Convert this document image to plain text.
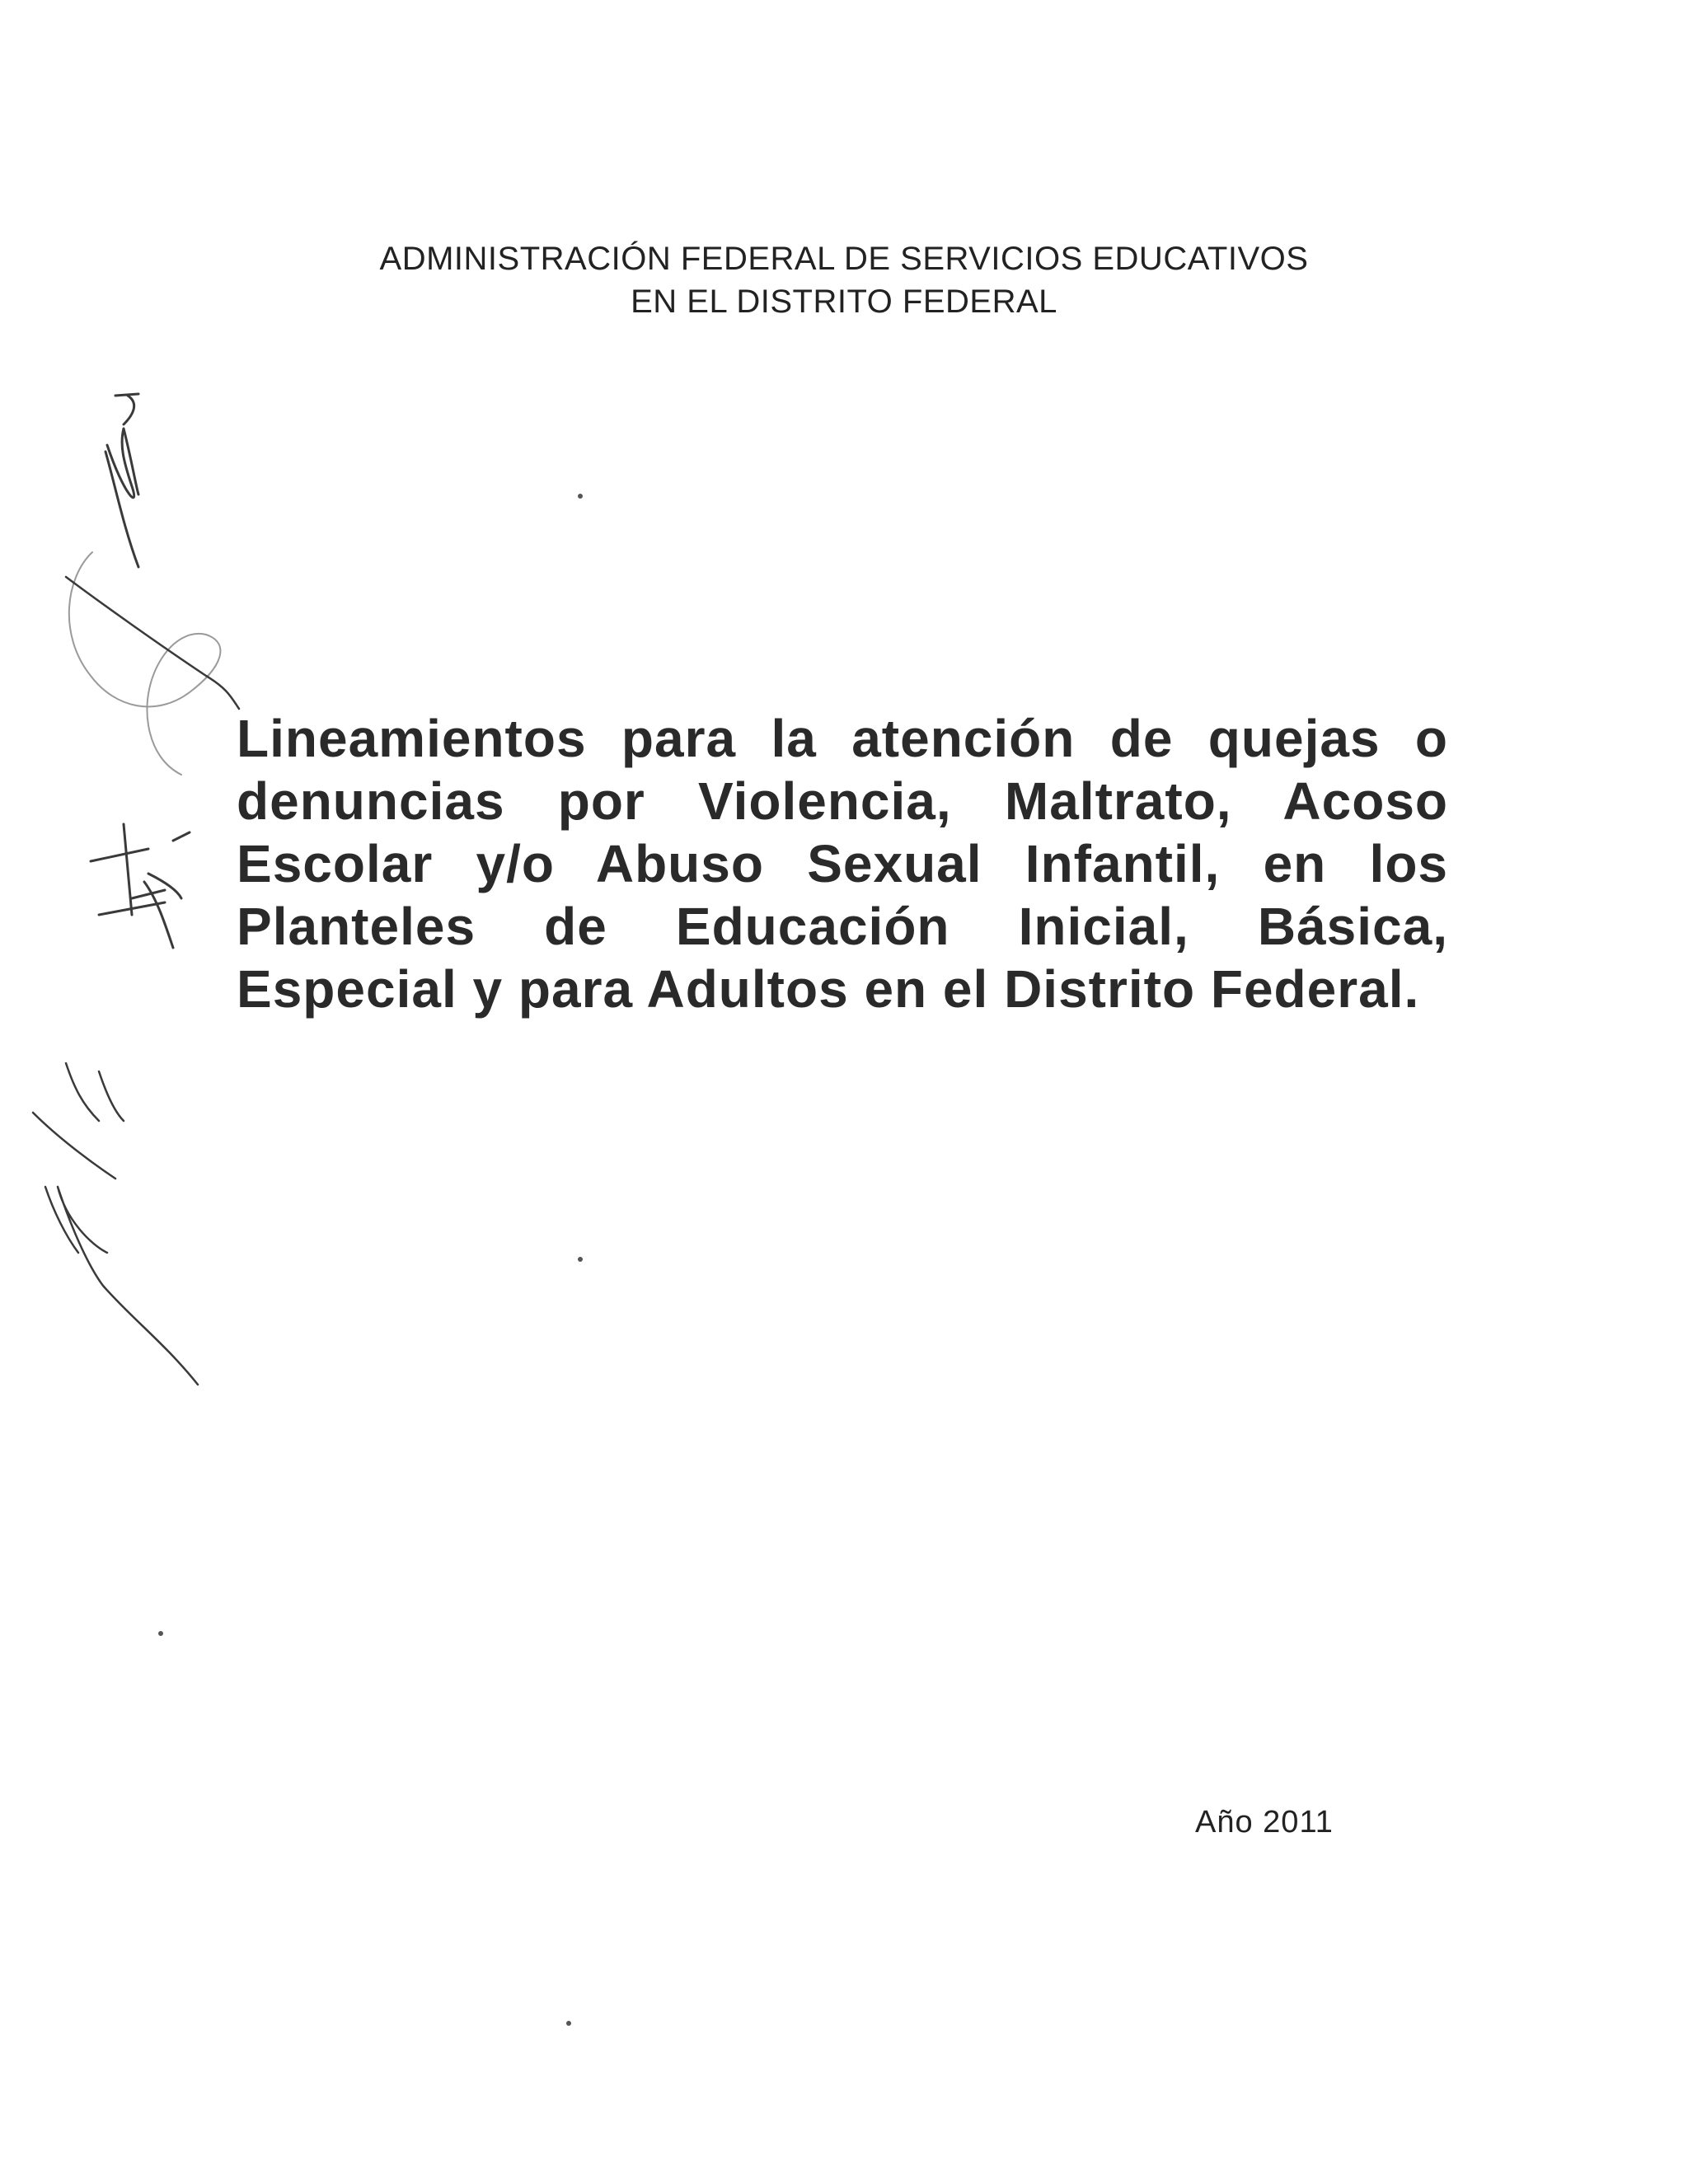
ADMINISTRACIÓN FEDERAL DE SERVICIOS EDUCATIVOS
EN EL DISTRITO FEDERAL
Lineamientos para la atención de quejas o denuncias por Violencia, Maltrato, Acoso Escolar y/o Abuso Sexual Infantil, en los Planteles de Educación Inicial, Básica, Especial y para Adultos en el Distrito Federal.
Año 2011
